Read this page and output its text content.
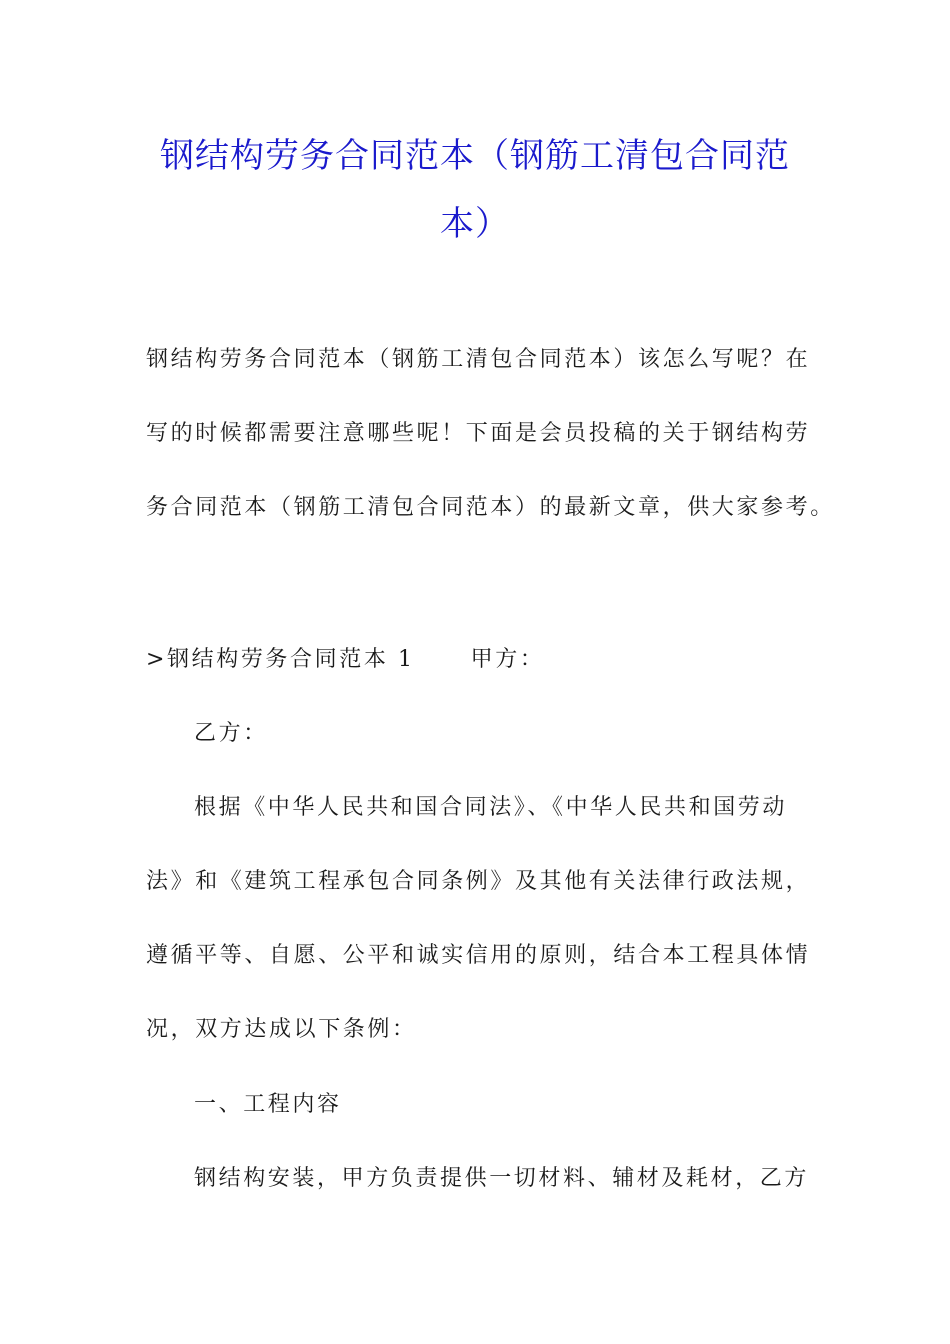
钢结构劳务合同范本（钢筋工清包合同范
本）

钢结构劳务合同范本（钢筋工清包合同范本）该怎么写呢？在
写的时候都需要注意哪些呢！下面是会员投稿的关于钢结构劳
务合同范本（钢筋工清包合同范本）的最新文章，供大家参考。

>钢结构劳务合同范本 1	甲方：

乙方：

根据《中华人民共和国合同法》、《中华人民共和国劳动
法》和《建筑工程承包合同条例》及其他有关法律行政法规，
遵循平等、自愿、公平和诚实信用的原则，结合本工程具体情
况，双方达成以下条例：

一、工程内容

钢结构安装，甲方负责提供一切材料、辅材及耗材，乙方
